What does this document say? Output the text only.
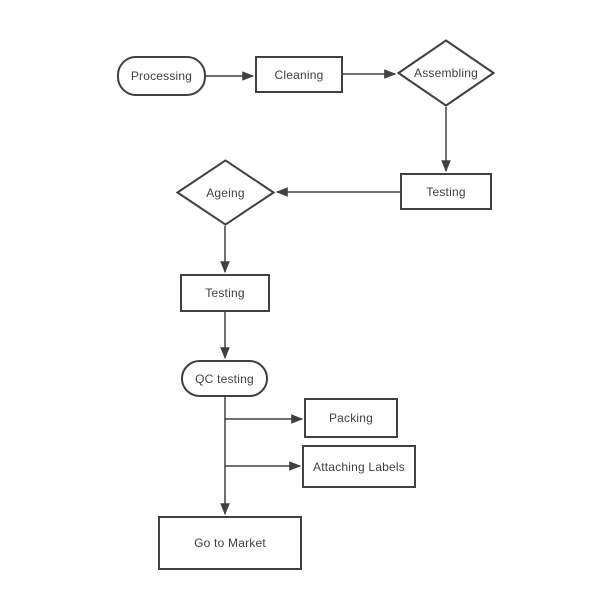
Processing	Cleaning	Assembling
Testing
Ageing
Testing
QC testing
Packing
Attaching Labels
Go to Market
